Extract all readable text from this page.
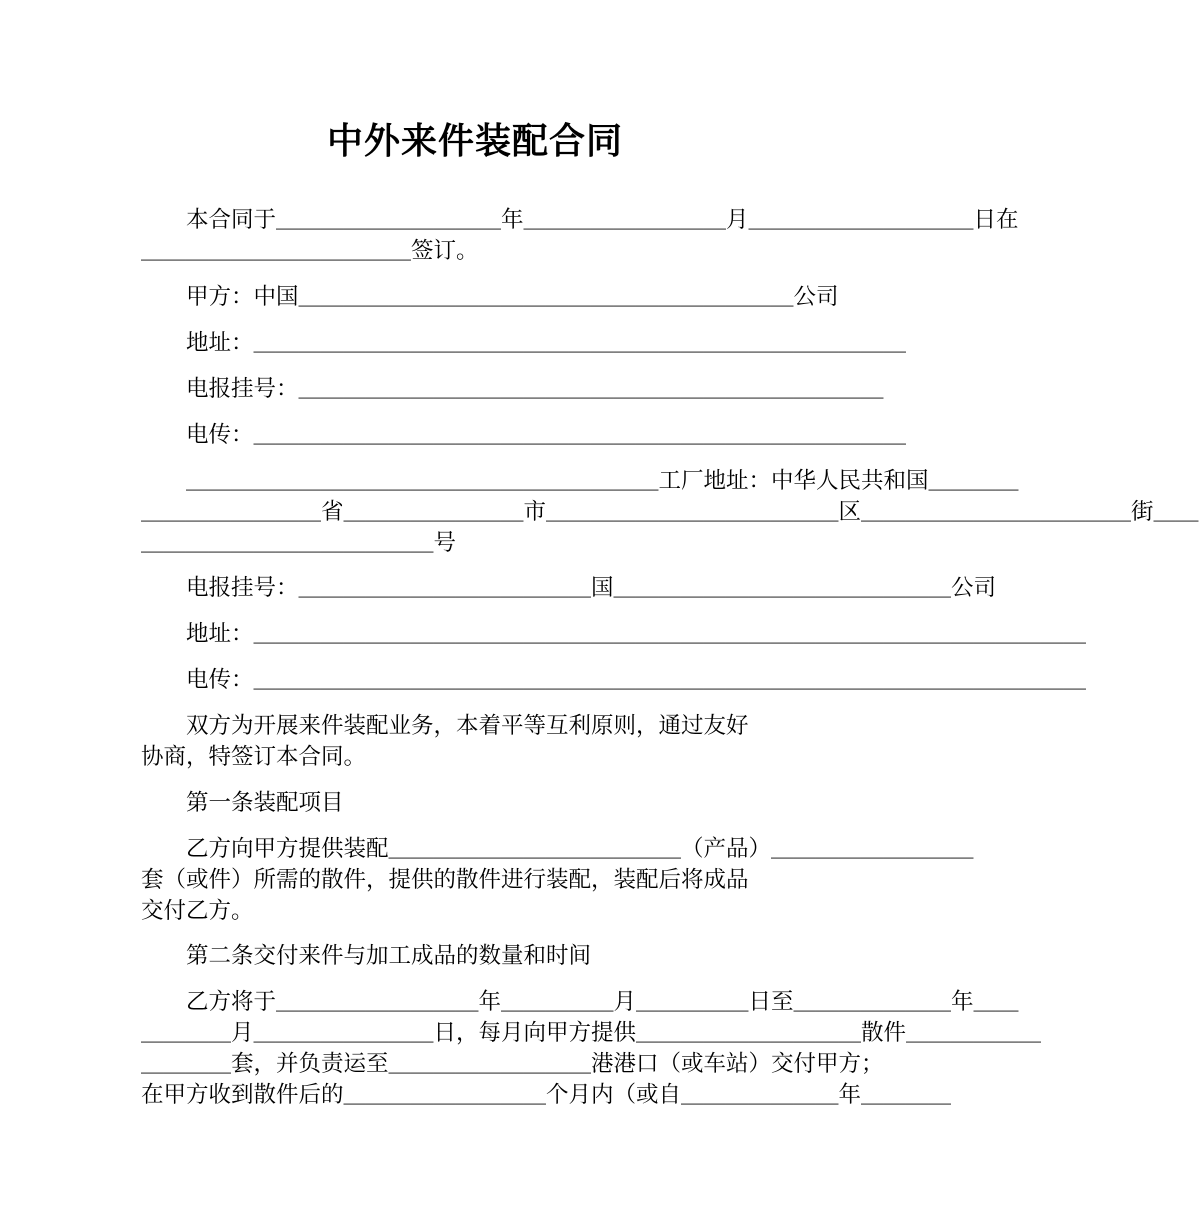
中外来件装配合同
　　本合同于＿＿＿＿＿＿＿＿＿＿年＿＿＿＿＿＿＿＿＿月＿＿＿＿＿＿＿＿＿＿日在
＿＿＿＿＿＿＿＿＿＿＿＿签订。
　　甲方：中国＿＿＿＿＿＿＿＿＿＿＿＿＿＿＿＿＿＿＿＿＿＿公司
　　地址：＿＿＿＿＿＿＿＿＿＿＿＿＿＿＿＿＿＿＿＿＿＿＿＿＿＿＿＿＿
　　电报挂号：＿＿＿＿＿＿＿＿＿＿＿＿＿＿＿＿＿＿＿＿＿＿＿＿＿＿
　　电传：＿＿＿＿＿＿＿＿＿＿＿＿＿＿＿＿＿＿＿＿＿＿＿＿＿＿＿＿＿
　　＿＿＿＿＿＿＿＿＿＿＿＿＿＿＿＿＿＿＿＿＿工厂地址：中华人民共和国＿＿＿＿
＿＿＿＿＿＿＿＿省＿＿＿＿＿＿＿＿市＿＿＿＿＿＿＿＿＿＿＿＿＿区＿＿＿＿＿＿＿＿＿＿＿＿街＿＿
＿＿＿＿＿＿＿＿＿＿＿＿＿号
　　电报挂号：＿＿＿＿＿＿＿＿＿＿＿＿＿国＿＿＿＿＿＿＿＿＿＿＿＿＿＿＿公司
　　地址：＿＿＿＿＿＿＿＿＿＿＿＿＿＿＿＿＿＿＿＿＿＿＿＿＿＿＿＿＿＿＿＿＿＿＿＿＿
　　电传：＿＿＿＿＿＿＿＿＿＿＿＿＿＿＿＿＿＿＿＿＿＿＿＿＿＿＿＿＿＿＿＿＿＿＿＿＿
　　双方为开展来件装配业务，本着平等互利原则，通过友好
协商，特签订本合同。
　　第一条装配项目
　　乙方向甲方提供装配＿＿＿＿＿＿＿＿＿＿＿＿＿（产品）＿＿＿＿＿＿＿＿＿
套（或件）所需的散件，提供的散件进行装配，装配后将成品
交付乙方。
　　第二条交付来件与加工成品的数量和时间
　　乙方将于＿＿＿＿＿＿＿＿＿年＿＿＿＿＿月＿＿＿＿＿日至＿＿＿＿＿＿＿年＿＿
＿＿＿＿月＿＿＿＿＿＿＿＿日，每月向甲方提供＿＿＿＿＿＿＿＿＿＿散件＿＿＿＿＿＿
＿＿＿＿套，并负责运至＿＿＿＿＿＿＿＿＿港港口（或车站）交付甲方；
在甲方收到散件后的＿＿＿＿＿＿＿＿＿个月内（或自＿＿＿＿＿＿＿年＿＿＿＿
